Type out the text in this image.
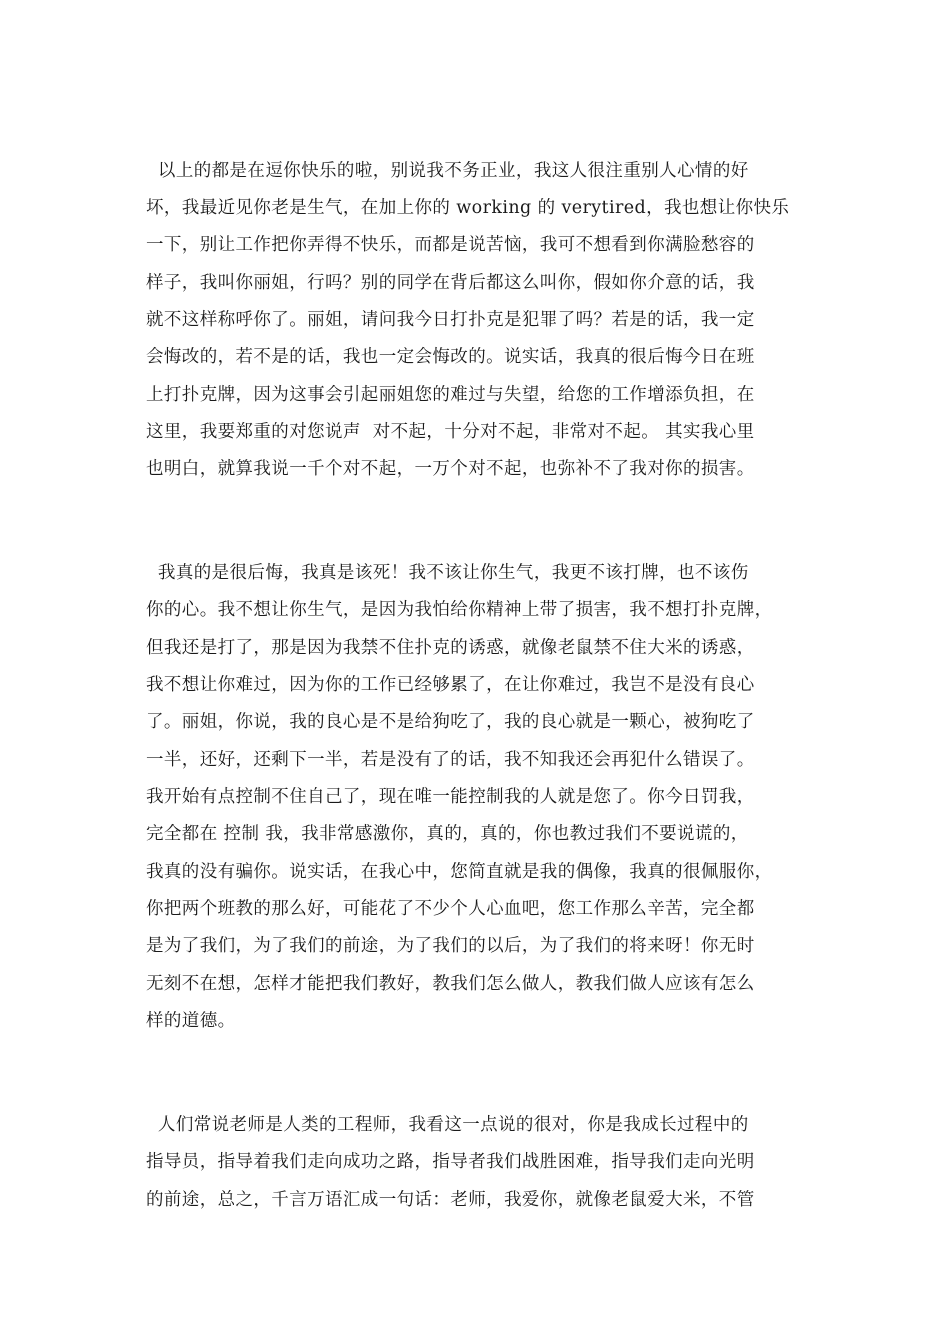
以上的都是在逗你快乐的啦，别说我不务正业，我这人很注重别人心情的好
坏，我最近见你老是生气，在加上你的 working 的 verytired，我也想让你快乐
一下，别让工作把你弄得不快乐，而都是说苦恼，我可不想看到你满脸愁容的
样子，我叫你丽姐，行吗？别的同学在背后都这么叫你，假如你介意的话，我
就不这样称呼你了。丽姐，请问我今日打扑克是犯罪了吗？若是的话，我一定
会悔改的，若不是的话，我也一定会悔改的。说实话，我真的很后悔今日在班
上打扑克牌，因为这事会引起丽姐您的难过与失望，给您的工作增添负担，在
这里，我要郑重的对您说声  对不起，十分对不起，非常对不起。 其实我心里
也明白，就算我说一千个对不起，一万个对不起，也弥补不了我对你的损害。
我真的是很后悔，我真是该死！我不该让你生气，我更不该打牌，也不该伤
你的心。我不想让你生气，是因为我怕给你精神上带了损害，我不想打扑克牌，
但我还是打了，那是因为我禁不住扑克的诱惑，就像老鼠禁不住大米的诱惑，
我不想让你难过，因为你的工作已经够累了，在让你难过，我岂不是没有良心
了。丽姐，你说，我的良心是不是给狗吃了，我的良心就是一颗心，被狗吃了
一半，还好，还剩下一半，若是没有了的话，我不知我还会再犯什么错误了。
我开始有点控制不住自己了，现在唯一能控制我的人就是您了。你今日罚我，
完全都在 控制 我，我非常感激你，真的，真的，你也教过我们不要说谎的，
我真的没有骗你。说实话，在我心中，您简直就是我的偶像，我真的很佩服你，
你把两个班教的那么好，可能花了不少个人心血吧，您工作那么辛苦，完全都
是为了我们，为了我们的前途，为了我们的以后，为了我们的将来呀！你无时
无刻不在想，怎样才能把我们教好，教我们怎么做人，教我们做人应该有怎么
样的道德。
人们常说老师是人类的工程师，我看这一点说的很对，你是我成长过程中的
指导员，指导着我们走向成功之路，指导者我们战胜困难，指导我们走向光明
的前途，总之，千言万语汇成一句话：老师，我爱你，就像老鼠爱大米，不管
